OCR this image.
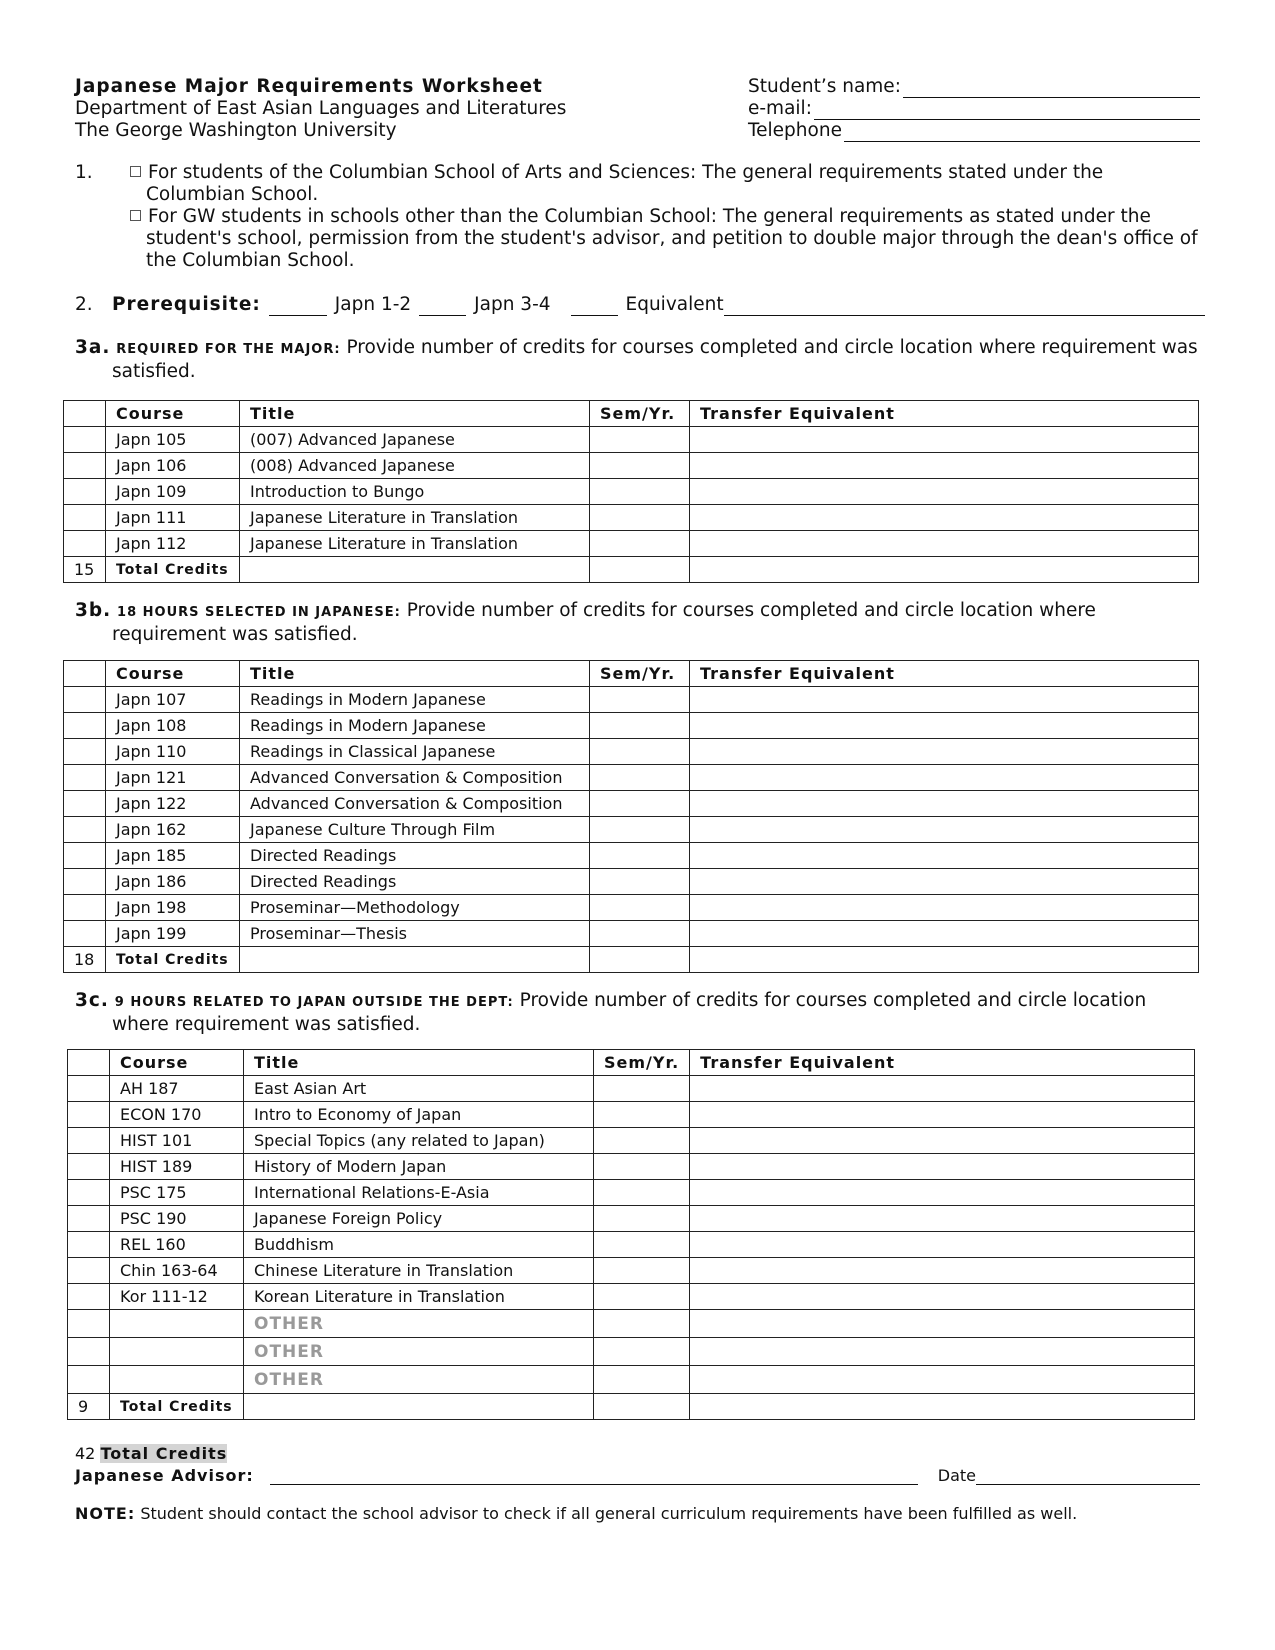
Japanese Major Requirements Worksheet
Department of East Asian Languages and Literatures
The George Washington University
Student’s name:
e-mail:
Telephone
1.	For students of the Columbian School of Arts and Sciences: The general requirements stated under the Columbian School.
For GW students in schools other than the Columbian School: The general requirements as stated under the student's school, permission from the student's advisor, and petition to double major through the dean's office of the Columbian School.
2. Prerequisite:	Japn 1-2	Japn 3-4	Equivalent
3a. REQUIRED FOR THE MAJOR: Provide number of credits for courses completed and circle location where requirement was satisfied.
	Course	Title	Sem/Yr.	Transfer Equivalent
	Japn 105	(007) Advanced Japanese		
	Japn 106	(008) Advanced Japanese		
	Japn 109	Introduction to Bungo		
	Japn 111	Japanese Literature in Translation		
	Japn 112	Japanese Literature in Translation		
15	Total Credits			
3b. 18 HOURS SELECTED IN JAPANESE: Provide number of credits for courses completed and circle location where requirement was satisfied.
	Course	Title	Sem/Yr.	Transfer Equivalent
	Japn 107	Readings in Modern Japanese		
	Japn 108	Readings in Modern Japanese		
	Japn 110	Readings in Classical Japanese		
	Japn 121	Advanced Conversation & Composition		
	Japn 122	Advanced Conversation & Composition		
	Japn 162	Japanese Culture Through Film		
	Japn 185	Directed Readings		
	Japn 186	Directed Readings		
	Japn 198	Proseminar—Methodology		
	Japn 199	Proseminar—Thesis		
18	Total Credits			
3c. 9 HOURS RELATED TO JAPAN OUTSIDE THE DEPT: Provide number of credits for courses completed and circle location where requirement was satisfied.
	Course	Title	Sem/Yr.	Transfer Equivalent
	AH 187	East Asian Art		
	ECON 170	Intro to Economy of Japan		
	HIST 101	Special Topics (any related to Japan)		
	HIST 189	History of Modern Japan		
	PSC 175	International Relations-E-Asia		
	PSC 190	Japanese Foreign Policy		
	REL 160	Buddhism		
	Chin 163-64	Chinese Literature in Translation		
	Kor 111-12	Korean Literature in Translation		
		OTHER		
		OTHER		
		OTHER		
9	Total Credits			
42 Total Credits
Japanese Advisor:	Date
NOTE: Student should contact the school advisor to check if all general curriculum requirements have been fulfilled as well.
